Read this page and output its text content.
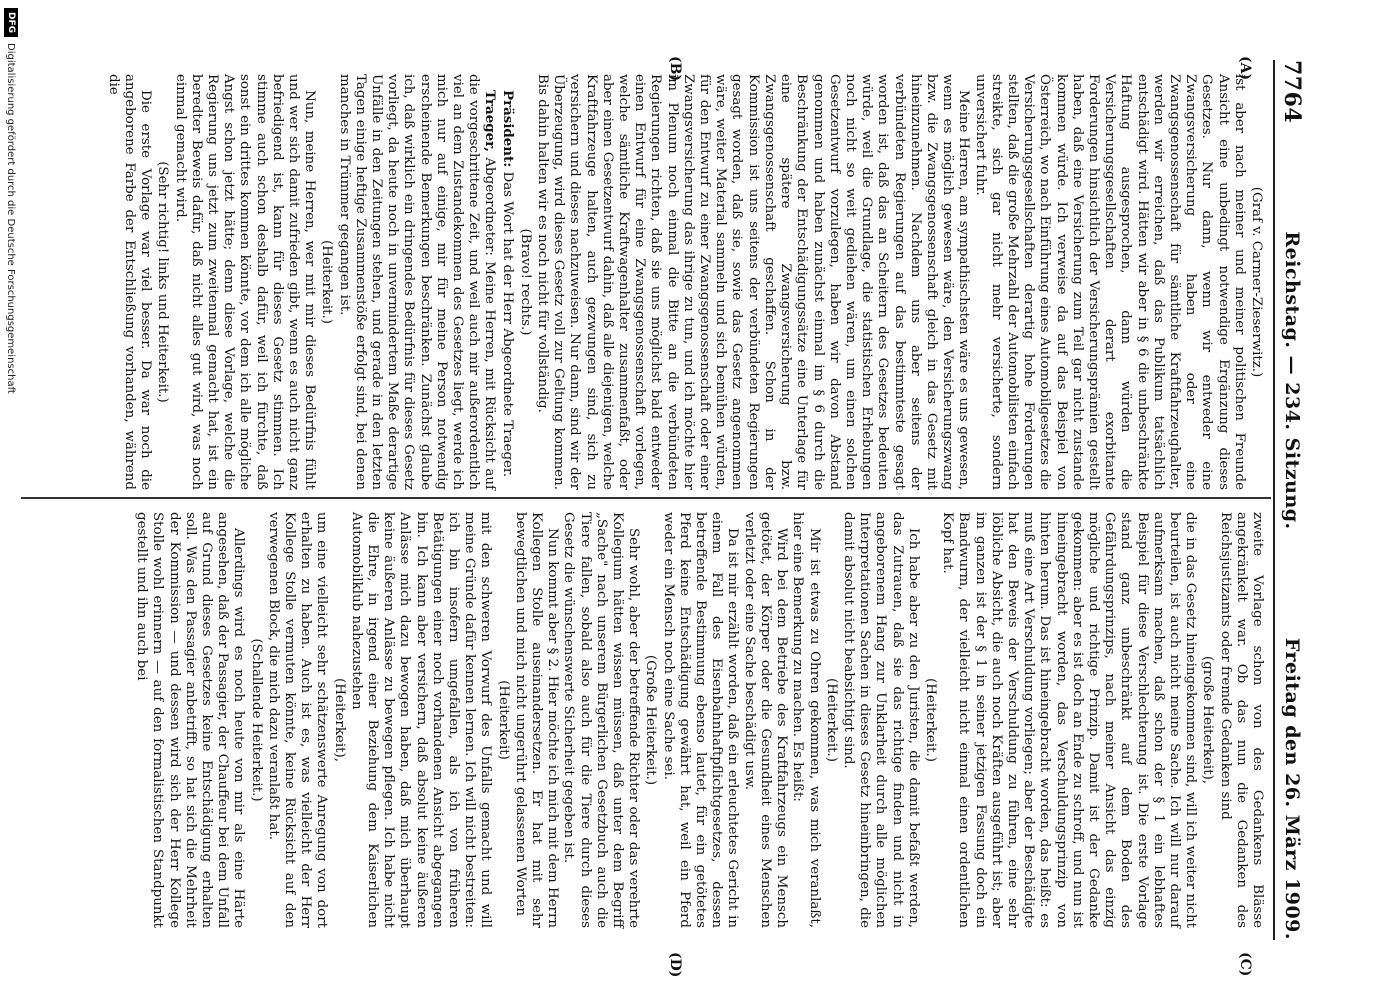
7764
Reichstag. — 234. Sitzung.
Freitag den 26. März 1909.
(A)
(B)
(C)
(D)

(Graf v. Carmer-Zieserwitz.)

ist aber nach meiner und meiner politischen Freunde Ansicht eine unbedingt notwendige Ergänzung dieses Gesetzes. Nur dann, wenn wir entweder eine Zwangsversicherung haben oder eine Zwangsgenossenschaft für sämtliche Kraftfahrzeughalter, werden wir erreichen, daß das Publikum tatsächlich entschädigt wird. Hätten wir aber in § 6 die unbeschränkte Haftung ausgesprochen, dann würden die Versicherungsgesellschaften derart exorbitante Forderungen hinsichtlich der Versicherungsprämien gestellt haben, daß eine Versicherung zum Teil gar nicht zustande kommen würde. Ich verweise da auf das Beispiel von Österreich, wo nach Einführung eines Automobilgesetzes die Versicherungsgesellschaften derartig hohe Forderungen stellten, daß die große Mehrzahl der Automobilisten einfach streikte, sich gar nicht mehr versicherte, sondern unversichert fuhr.

Meine Herren, am sympathischsten wäre es uns gewesen, wenn es möglich gewesen wäre, den Versicherungszwang bzw. die Zwangsgenossenschaft gleich in das Gesetz mit hineinzunehmen. Nachdem uns aber seitens der verbündeten Regierungen auf das bestimmteste gesagt worden ist, daß das an Scheitern des Gesetzes bedeuten würde, weil die Grundlage, die statistischen Erhebungen noch nicht so weit gediehen wären, um einen solchen Gesetzentwurf vorzulegen, haben wir davon Abstand genommen und haben zunächst einmal im § 6 durch die Beschränkung der Entschädigungssätze eine Unterlage für eine spätere Zwangsversicherung bzw. Zwangsgenossenschaft geschaffen. Schon in der Kommission ist uns seitens der verbündeten Regierungen gesagt worden, daß sie, sowie das Gesetz angenommen wäre, weiter Material sammeln und sich bemühen würden, für den Entwurf zu einer Zwangsgenossenschaft oder einer Zwangsversicherung das ihrige zu tun, und ich möchte hier im Plenum noch einmal die Bitte an die verbündeten Regierungen richten, daß sie uns möglichst bald entweder einen Entwurf für eine Zwangsgenossenschaft vorlegen, welche sämtliche Kraftwagenhalter zusammenfaßt, oder aber einen Gesetzentwurf dahin, daß alle diejenigen, welche Kraftfahrzeuge halten, auch gezwungen sind, sich zu versichern und dieses nachzuweisen. Nur dann, sind wir der Überzeugung, wird dieses Gesetz voll zur Geltung kommen. Bis dahin halten wir es noch nicht für vollständig.

(Bravo! rechts.)

Präsident: Das Wort hat der Herr Abgeordnete Traeger.

Traeger, Abgeordneter: Meine Herren, mit Rücksicht auf die vorgeschrittene Zeit, und weil auch mir außerordentlich viel an dem Zustandekommen des Gesetzes liegt, werde ich mich nur auf einige, mir für meine Person notwendig erscheinende Bemerkungen beschränken. Zunächst glaube ich, daß wirklich ein dringendes Bedürfnis für dieses Gesetz vorliegt, da heute noch in unvermindertem Maße derartige Unfälle in den Zeitungen stehen, und gerade in den letzten Tagen einige heftige Zusammenstöße erfolgt sind, bei denen manches in Trümmer gegangen ist.

(Heiterkeit.)

Nun, meine Herren, wer mit mir dieses Bedürfnis fühlt und wer sich damit zufrieden gibt, wenn es auch nicht ganz befriedigend ist, kann für dieses Gesetz stimmen. Ich stimme auch schon deshalb dafür, weil ich fürchte, daß sonst ein drittes kommen könnte, vor dem ich alle mögliche Angst schon jetzt hätte; denn diese Vorlage, welche die Regierung uns jetzt zum zweitenmal gemacht hat, ist ein beredter Beweis dafür, daß nicht alles gut wird, was noch einmal gemacht wird.

(Sehr richtig! links und Heiterkeit.)

Die erste Vorlage war viel besser. Da war noch die angeborene Farbe der Entschließung vorhanden, während die

zweite Vorlage schon von des Gedankens Blässe angekränkelt war. Ob das nun die Gedanken des Reichsjustizamts oder fremde Gedanken sind

(große Heiterkeit),

die in das Gesetz hineingekommen sind, will ich weiter nicht beurteilen, ist auch nicht meine Sache. Ich will nur darauf aufmerksam machen, daß schon der § 1 ein lebhaftes Beispiel für diese Verschlechterung ist. Die erste Vorlage stand ganz unbeschränkt auf dem Boden des Gefährdungsprinzips, nach meiner Ansicht das einzig mögliche und richtige Prinzip. Damit ist der Gedanke gekommen: aber es ist doch an Ende zu schroff, und nun ist hineingebracht worden, das Verschuldungsprinzip von hinten herum. Das ist hineingebracht worden, das heißt: es muß eine Art Verschuldung vorliegen; aber der Beschädigte hat den Beweis der Verschuldung zu führen, eine sehr löbliche Absicht, die auch noch Kräften ausgeführt ist; aber im ganzen ist der § 1 in seiner jetzigen Fassung doch ein Bandwurm, der vielleicht nicht einmal einen ordentlichen Kopf hat.

(Heiterkeit.)

Ich habe aber zu den Juristen, die damit befaßt werden, das Zutrauen, daß sie das richtige finden und nicht in angeborenem Hang zur Unklarheit durch alle möglichen Interpretationen Sachen in dieses Gesetz hineinbringen, die damit absolut nicht beabsichtigt sind.

(Heiterkeit.)

Mir ist etwas zu Ohren gekommen, was mich veranlaßt, hier eine Bemerkung zu machen. Es heißt:

Wird bei dem Betriebe des Kraftfahrzeugs ein Mensch getötet, der Körper oder die Gesundheit eines Menschen verletzt oder eine Sache beschädigt usw.

Da ist mir erzählt worden, daß ein erleuchtetes Gericht in einem Fall des Eisenbahnhaftpflichtgesetzes, dessen betreffende Bestimmung ebenso lautet, für ein getötetes Pferd keine Entschädigung gewährt hat, weil ein Pferd weder ein Mensch noch eine Sache sei.

(Große Heiterkeit.)

Sehr wohl, aber der betreffende Richter oder das verehrte Kollegium hätten wissen müssen, daß unter dem Begriff „Sache" nach unserem Bürgerlichen Gesetzbuch auch die Tiere fallen, sobald also auch für die Tiere durch dieses Gesetz die wünschenswerte Sicherheit gegeben ist.

Nun kommt aber § 2. Hier möchte ich mich mit dem Herrn Kollegen Stolle auseinandersetzen. Er hat mit sehr bewegtlichen und mich nicht ungerührt gelassenen Worten

(Heiterkeit)

mit den schweren Vorwurf des Unfalls gemacht und will meine Gründe dafür kennen lernen. Ich will nicht bestreiten: ich bin insofern umgefallen, als ich von früheren Betätigungen einer noch vorhandenen Ansicht abgegangen bin. Ich kann aber versichern, daß absolut keine äußeren Anlässe mich dazu bewogen haben, daß mich überhaupt keine äußeren Anlässe zu bewegen pflegen. Ich habe nicht die Ehre, in irgend einer Beziehung dem Kaiserlichen Automobilklub nahezustehen

(Heiterkeit),

um eine vielleicht sehr schätzenswerte Anregung von dort erhalten zu haben. Auch ist es, was vielleicht der Herr Kollege Stolle vermuten könnte, keine Rücksicht auf den verwegenen Block, die mich dazu veranlaßt hat.

(Schallende Heiterkeit.)

Allerdings wird es noch heute von mir als eine Härte angesehen, daß der Passagier, der Chauffeur bei dem Unfall auf Grund dieses Gesetzes keine Entschädigung erhalten soll. Was den Passagier anbetrifft, so hat sich die Mehrheit der Kommission — und dessen wird sich der Herr Kollege Stolle wohl erinnern — auf den formalistischen Standpunkt gestellt und ihn auch bei

DFG
Digitalisierung gefördert durch die Deutsche Forschungsgemeinschaft
